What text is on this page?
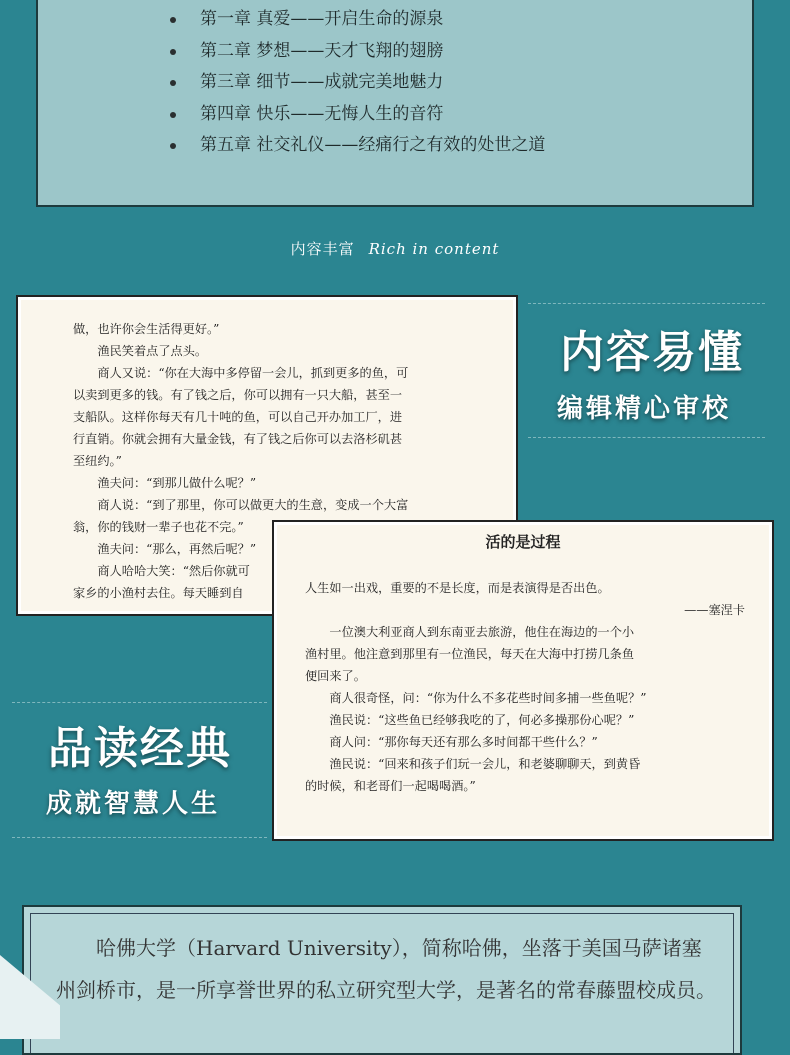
第一章 真爱——开启生命的源泉
第二章 梦想——天才飞翔的翅膀
第三章 细节——成就完美地魅力
第四章 快乐——无悔人生的音符
第五章 社交礼仪——经痛行之有效的处世之道
内容丰富 Rich in content

做，也许你会生活得更好。”

渔民笑着点了点头。

商人又说：“你在大海中多停留一会儿，抓到更多的鱼，可

以卖到更多的钱。有了钱之后，你可以拥有一只大船，甚至一

支船队。这样你每天有几十吨的鱼，可以自己开办加工厂，进

行直销。你就会拥有大量金钱，有了钱之后你可以去洛杉矶甚

至纽约。”

渔夫问：“到那儿做什么呢？”

商人说：“到了那里，你可以做更大的生意，变成一个大富

翁，你的钱财一辈子也花不完。”

渔夫问：“那么，再然后呢？”

商人哈哈大笑：“然后你就可

家乡的小渔村去住。每天睡到自

活的是过程

人生如一出戏，重要的不是长度，而是表演得是否出色。

——塞涅卡

一位澳大利亚商人到东南亚去旅游，他住在海边的一个小

渔村里。他注意到那里有一位渔民，每天在大海中打捞几条鱼

便回来了。

商人很奇怪，问：“你为什么不多花些时间多捕一些鱼呢？”

渔民说：“这些鱼已经够我吃的了，何必多操那份心呢？”

商人问：“那你每天还有那么多时间都干些什么？”

渔民说：“回来和孩子们玩一会儿，和老婆聊聊天，到黄昏

的时候，和老哥们一起喝喝酒。”

内容易懂
编辑精心审校
品读经典
成就智慧人生
哈佛大学（Harvard University），简称哈佛，坐落于美国马萨诸塞州剑桥市，是一所享誉世界的私立研究型大学，是著名的常春藤盟校成员。
